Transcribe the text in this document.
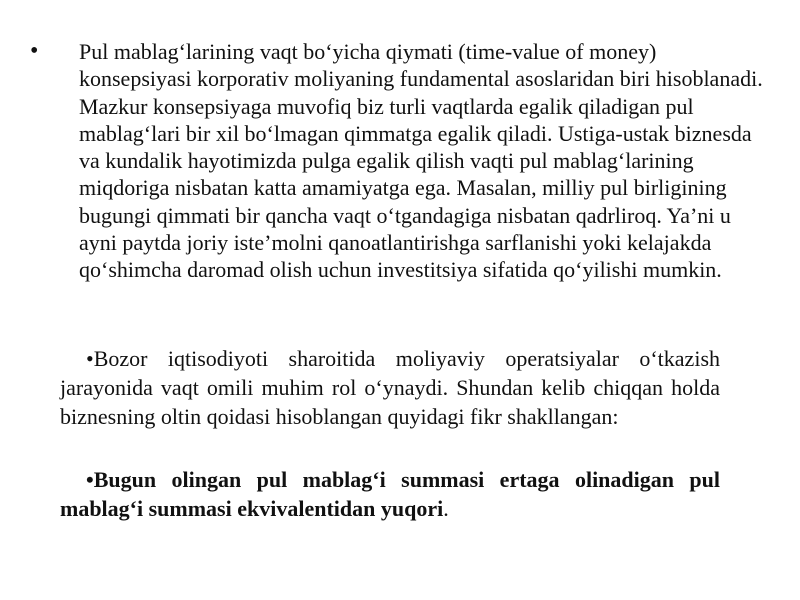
• Pul mablag‘larining vaqt bo‘yicha qiymati (time-value of money) konsepsiyasi korporativ moliyaning fundamental asoslaridan biri hisoblanadi. Mazkur konsepsiyaga muvofiq biz turli vaqtlarda egalik qiladigan pul mablag‘lari bir xil bo‘lmagan qimmatga egalik qiladi. Ustiga-ustak biznesda va kundalik hayotimizda pulga egalik qilish vaqti pul mablag‘larining miqdoriga nisbatan katta amamiyatga ega. Masalan, milliy pul birligining bugungi qimmati bir qancha vaqt o‘tgandagiga nisbatan qadrliroq. Ya’ni u ayni paytda joriy iste’molni qanoatlantirishga sarflanishi yoki kelajakda qo‘shimcha daromad olish uchun investitsiya sifatida qo‘yilishi mumkin.
•Bozor iqtisodiyoti sharoitida moliyaviy operatsiyalar o‘tkazish jarayonida vaqt omili muhim rol o‘ynaydi. Shundan kelib chiqqan holda biznesning oltin qoidasi hisoblangan quyidagi fikr shakllangan:
•Bugun olingan pul mablag‘i summasi ertaga olinadigan pul mablag‘i summasi ekvivalentidan yuqori.
